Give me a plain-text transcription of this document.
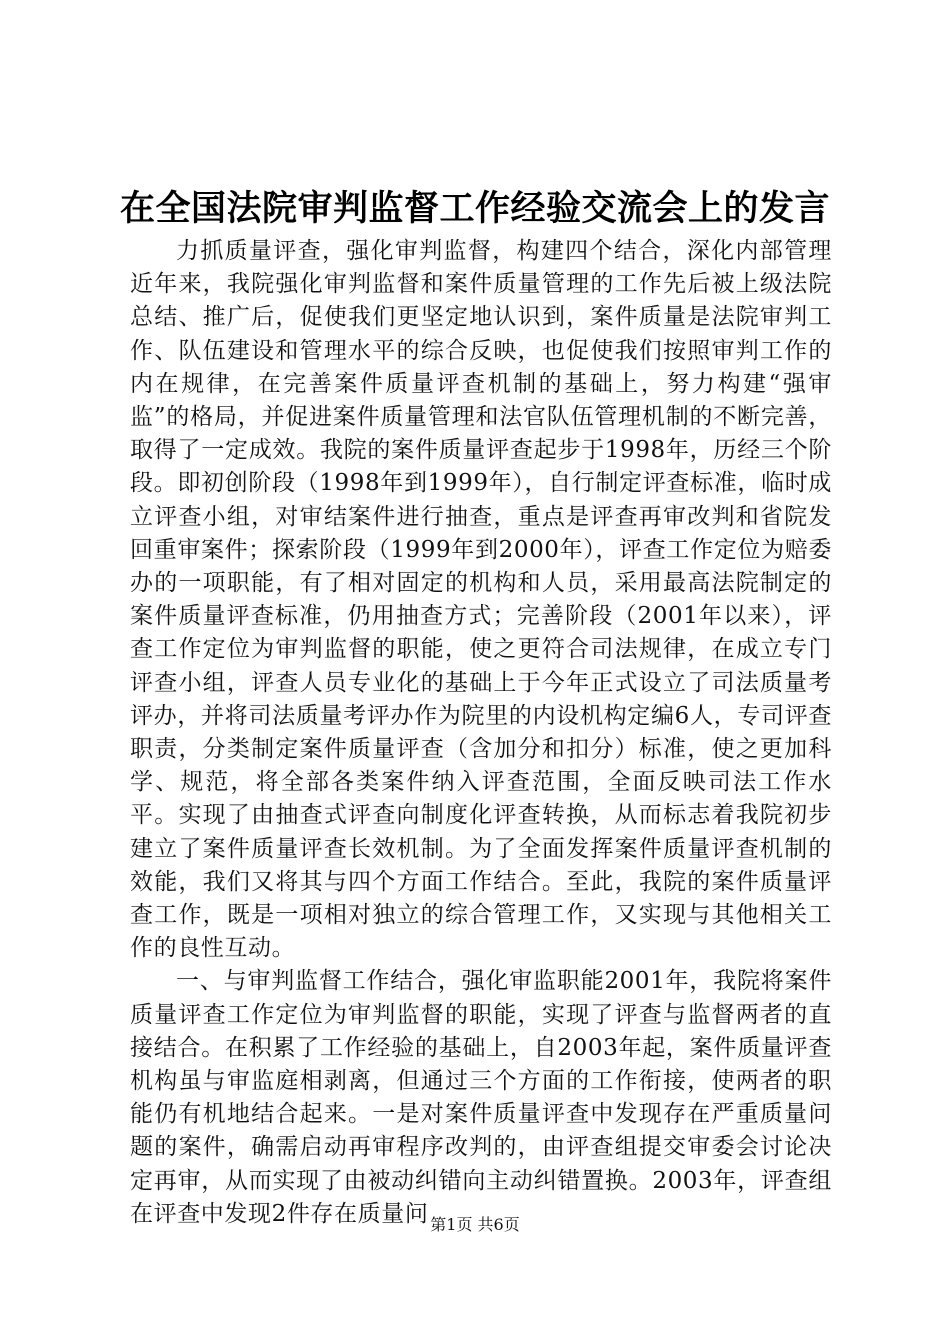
在全国法院审判监督工作经验交流会上的发言

力抓质量评查，强化审判监督，构建四个结合，深化内部管理近年来，我院强化审判监督和案件质量管理的工作先后被上级法院总结、推广后，促使我们更坚定地认识到，案件质量是法院审判工作、队伍建设和管理水平的综合反映，也促使我们按照审判工作的内在规律，在完善案件质量评查机制的基础上，努力构建“强审监”的格局，并促进案件质量管理和法官队伍管理机制的不断完善，取得了一定成效。我院的案件质量评查起步于1998年，历经三个阶段。即初创阶段（1998年到1999年），自行制定评查标准，临时成立评查小组，对审结案件进行抽查，重点是评查再审改判和省院发回重审案件；探索阶段（1999年到2000年），评查工作定位为赔委办的一项职能，有了相对固定的机构和人员，采用最高法院制定的案件质量评查标准，仍用抽查方式；完善阶段（2001年以来），评查工作定位为审判监督的职能，使之更符合司法规律，在成立专门评查小组，评查人员专业化的基础上于今年正式设立了司法质量考评办，并将司法质量考评办作为院里的内设机构定编6人，专司评查职责，分类制定案件质量评查（含加分和扣分）标准，使之更加科学、规范，将全部各类案件纳入评查范围，全面反映司法工作水平。实现了由抽查式评查向制度化评查转换，从而标志着我院初步建立了案件质量评查长效机制。为了全面发挥案件质量评查机制的效能，我们又将其与四个方面工作结合。至此，我院的案件质量评查工作，既是一项相对独立的综合管理工作，又实现与其他相关工作的良性互动。

一、与审判监督工作结合，强化审监职能2001年，我院将案件质量评查工作定位为审判监督的职能，实现了评查与监督两者的直接结合。在积累了工作经验的基础上，自2003年起，案件质量评查机构虽与审监庭相剥离，但通过三个方面的工作衔接，使两者的职能仍有机地结合起来。一是对案件质量评查中发现存在严重质量问题的案件，确需启动再审程序改判的，由评查组提交审委会讨论决定再审，从而实现了由被动纠错向主动纠错置换。2003年，评查组在评查中发现2件存在质量问 第1页 共6页
